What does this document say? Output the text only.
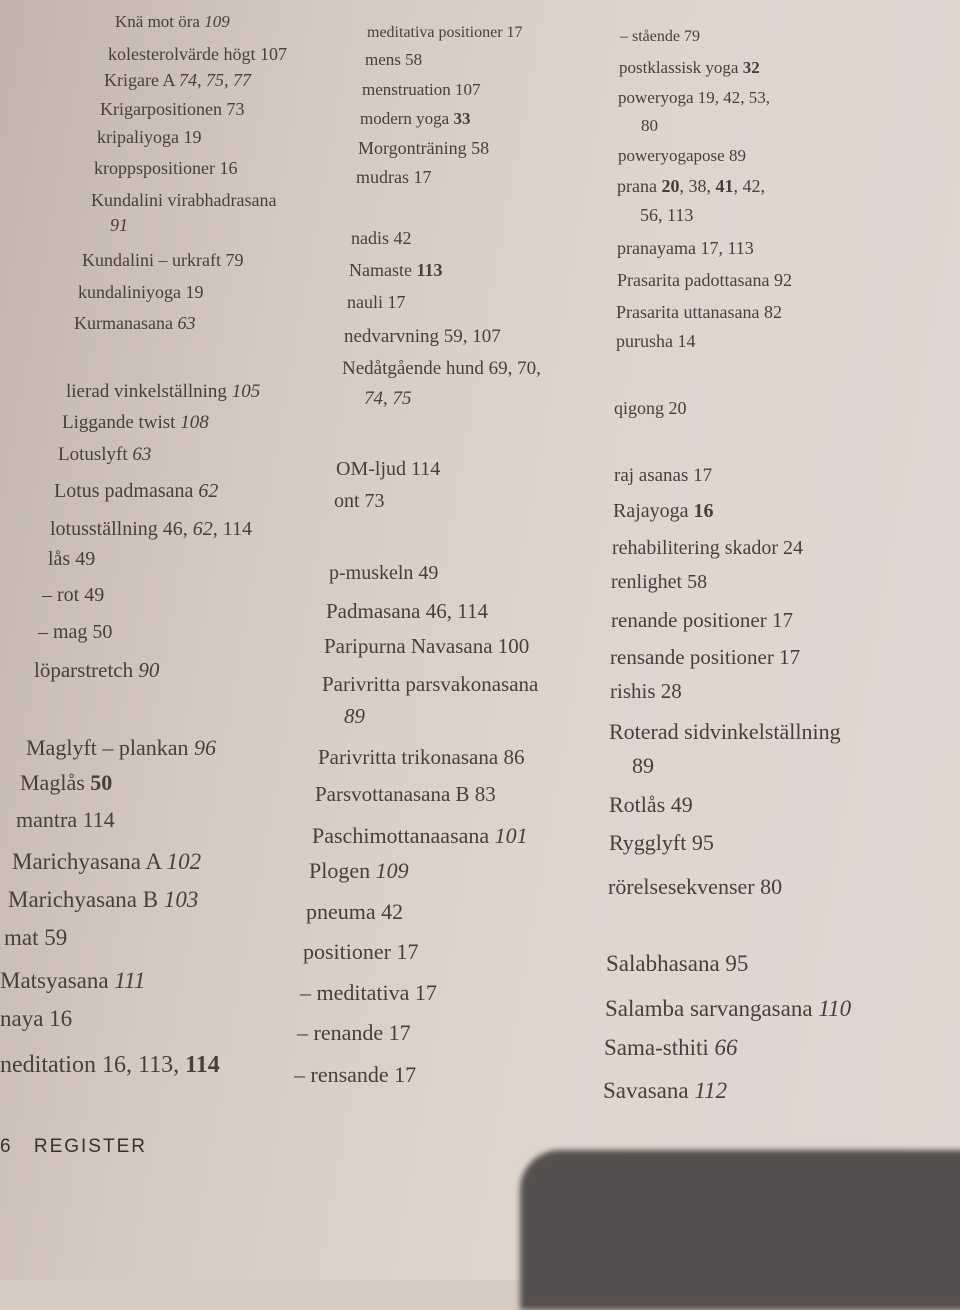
Knä mot öra 109
kolesterolvärde högt 107
Krigare A 74, 75, 77
Krigarpositionen 73
kripaliyoga 19
kroppspositioner 16
Kundalini virabhadrasana
91
Kundalini – urkraft 79
kundaliniyoga 19
Kurmanasana 63
lierad vinkelställning 105
Liggande twist 108
Lotuslyft 63
Lotus padmasana 62
lotusställning 46, 62, 114
lås 49
– rot 49
– mag 50
löparstretch 90
Maglyft – plankan 96
Maglås 50
mantra 114
Marichyasana A 102
Marichyasana B 103
mat 59
Matsyasana 111
naya 16
neditation 16, 113, 114
meditativa positioner 17
mens 58
menstruation 107
modern yoga 33
Morgonträning 58
mudras 17
nadis 42
Namaste 113
nauli 17
nedvarvning 59, 107
Nedåtgående hund 69, 70,
74, 75
OM-ljud 114
ont 73
p-muskeln 49
Padmasana 46, 114
Paripurna Navasana 100
Parivritta parsvakonasana
89
Parivritta trikonasana 86
Parsvottanasana B 83
Paschimottanaasana 101
Plogen 109
pneuma 42
positioner 17
– meditativa 17
– renande 17
– rensande 17
– stående 79
postklassisk yoga 32
poweryoga 19, 42, 53,
80
poweryogapose 89
prana 20, 38, 41, 42,
56, 113
pranayama 17, 113
Prasarita padottasana 92
Prasarita uttanasana 82
purusha 14
qigong 20
raj asanas 17
Rajayoga 16
rehabilitering skador 24
renlighet 58
renande positioner 17
rensande positioner 17
rishis 28
Roterad sidvinkelställning
89
Rotlås 49
Rygglyft 95
rörelsesekvenser 80
Salabhasana 95
Salamba sarvangasana 110
Sama-sthiti 66
Savasana 112
6 REGISTER
